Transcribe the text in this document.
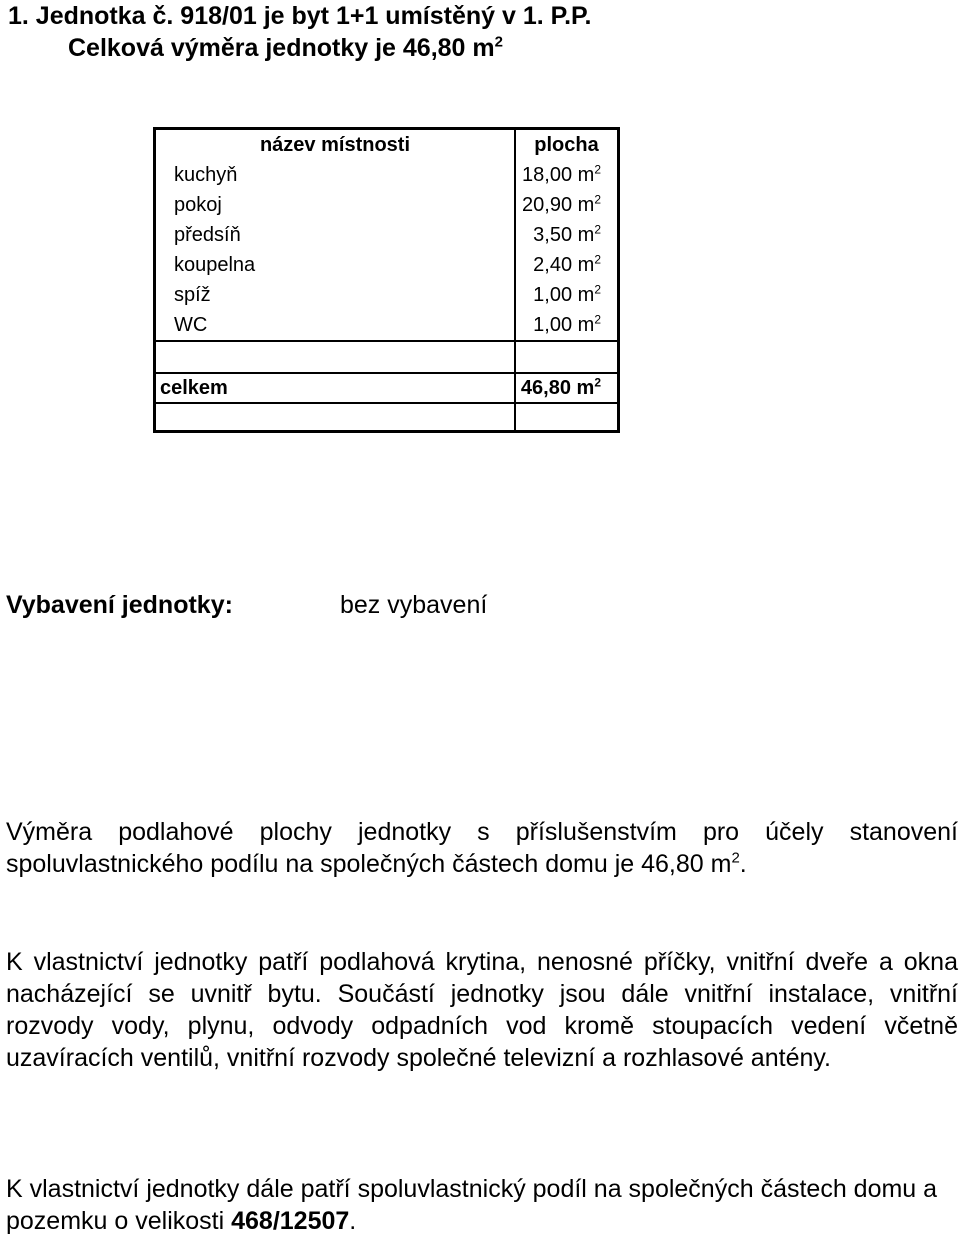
1. Jednotka č. 918/01 je byt 1+1 umístěný v 1. P.P.
Celková výměra jednotky je 46,80 $m^2$
název místnosti	plocha
kuchyň	18,00 $m^2$
pokoj	20,90 $m^2$
předsíň	3,50 $m^2$
koupelna	2,40 $m^2$
spíž	1,00 $m^2$
WC	1,00 $m^2$

celkem	46,80 $m^2$

Vybavení jednotky:	bez vybavení
Výměra podlahové plochy jednotky s příslušenstvím pro účely stanovení spoluvlastnického podílu na společných částech domu je 46,80 $m^2$.
K vlastnictví jednotky patří podlahová krytina, nenosné příčky, vnitřní dveře a okna nacházející se uvnitř bytu. Součástí jednotky jsou dále vnitřní instalace, vnitřní rozvody vody, plynu, odvody odpadních vod kromě stoupacích vedení včetně uzavíracích ventilů, vnitřní rozvody společné televizní a rozhlasové antény.
K vlastnictví jednotky dále patří spoluvlastnický podíl na společných částech domu a pozemku o velikosti 468/12507.
